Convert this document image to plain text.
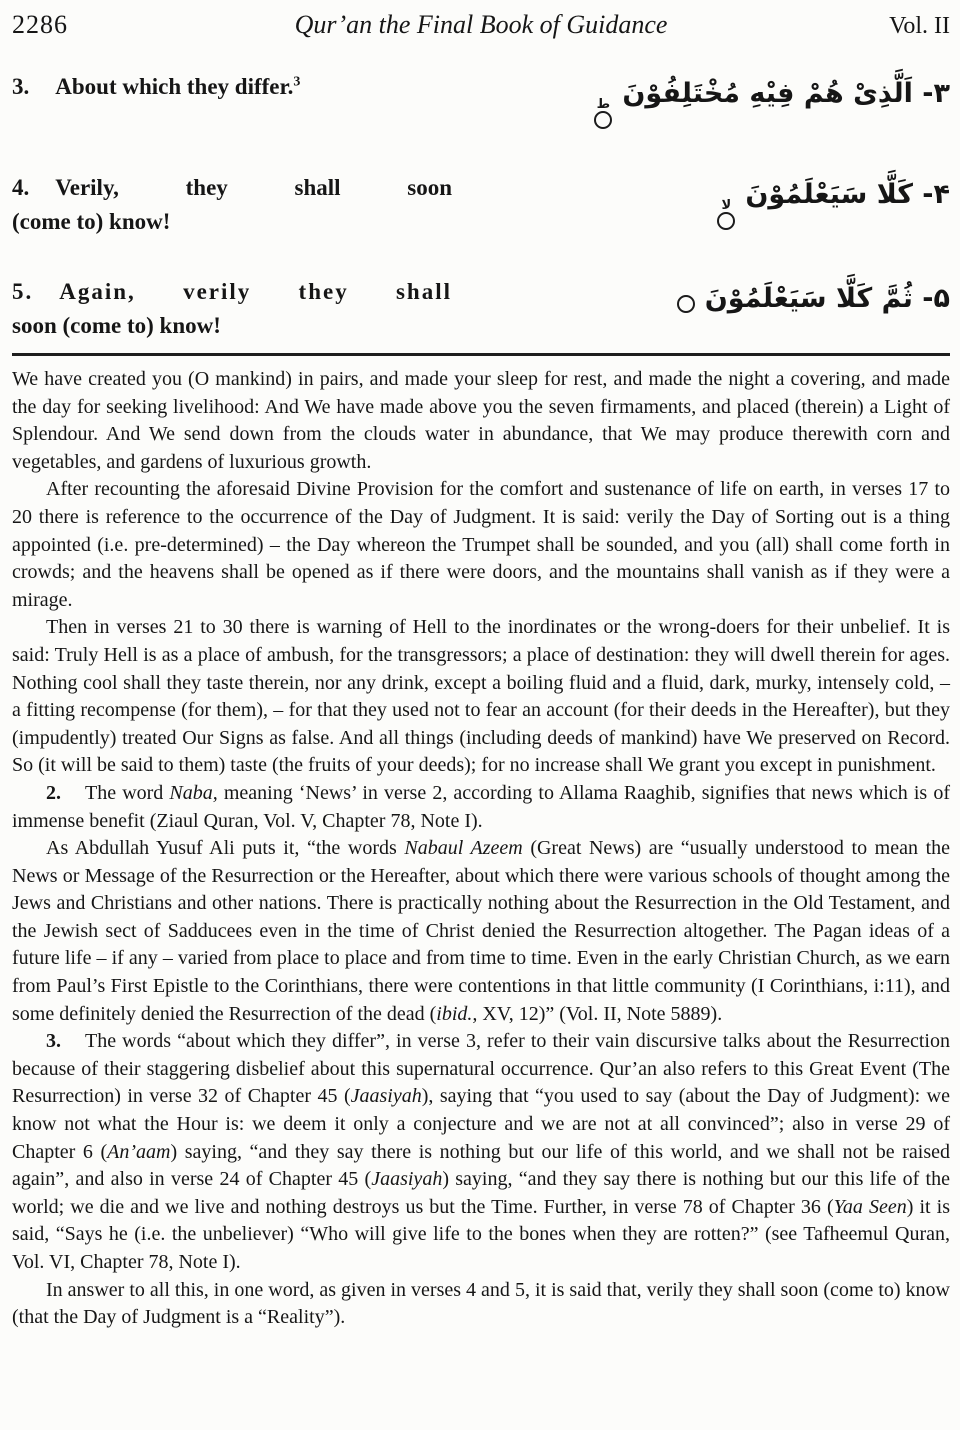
2286	Qur’an the Final Book of Guidance	Vol. II
3. About which they differ.$^3$	۳- اَلَّذِىْ هُمْ فِيْهِ مُخْتَلِفُوْنَ
ط
4. Verily, they shall soon
(come to) know!
۴- كَلَّا سَيَعْلَمُوْنَ
لا
5. Again, verily they shall
soon (come to) know!
۵- ثُمَّ كَلَّا سَيَعْلَمُوْنَ

We have created you (O mankind) in pairs, and made your sleep for rest, and made the night a covering, and made the day for seeking livelihood: And We have made above you the seven firmaments, and placed (therein) a Light of Splendour. And We send down from the clouds water in abundance, that We may produce therewith corn and vegetables, and gardens of luxurious growth.

After recounting the aforesaid Divine Provision for the comfort and sustenance of life on earth, in verses 17 to 20 there is reference to the occurrence of the Day of Judgment. It is said: verily the Day of Sorting out is a thing appointed (i.e. pre-determined) – the Day whereon the Trumpet shall be sounded, and you (all) shall come forth in crowds; and the heavens shall be opened as if there were doors, and the mountains shall vanish as if they were a mirage.

Then in verses 21 to 30 there is warning of Hell to the inordinates or the wrong-doers for their unbelief. It is said: Truly Hell is as a place of ambush, for the transgressors; a place of destination: they will dwell therein for ages. Nothing cool shall they taste therein, nor any drink, except a boiling fluid and a fluid, dark, murky, intensely cold, – a fitting recompense (for them), – for that they used not to fear an account (for their deeds in the Hereafter), but they (impudently) treated Our Signs as false. And all things (including deeds of mankind) have We preserved on Record. So (it will be said to them) taste (the fruits of your deeds); for no increase shall We grant you except in punishment.

2. The word Naba, meaning ‘News’ in verse 2, according to Allama Raaghib, signifies that news which is of immense benefit (Ziaul Quran, Vol. V, Chapter 78, Note I).

As Abdullah Yusuf Ali puts it, “the words Nabaul Azeem (Great News) are “usually understood to mean the News or Message of the Resurrection or the Hereafter, about which there were various schools of thought among the Jews and Christians and other nations. There is practically nothing about the Resurrection in the Old Testament, and the Jewish sect of Sadducees even in the time of Christ denied the Resurrection altogether. The Pagan ideas of a future life – if any – varied from place to place and from time to time. Even in the early Christian Church, as we earn from Paul’s First Epistle to the Corinthians, there were contentions in that little community (I Corinthians, i:11), and some definitely denied the Resurrection of the dead (ibid., XV, 12)” (Vol. II, Note 5889).

3. The words “about which they differ”, in verse 3, refer to their vain discursive talks about the Resurrection because of their staggering disbelief about this supernatural occurrence. Qur’an also refers to this Great Event (The Resurrection) in verse 32 of Chapter 45 (Jaasiyah), saying that “you used to say (about the Day of Judgment): we know not what the Hour is: we deem it only a conjecture and we are not at all convinced”; also in verse 29 of Chapter 6 (An’aam) saying, “and they say there is nothing but our life of this world, and we shall not be raised again”, and also in verse 24 of Chapter 45 (Jaasiyah) saying, “and they say there is nothing but our this life of the world; we die and we live and nothing destroys us but the Time. Further, in verse 78 of Chapter 36 (Yaa Seen) it is said, “Says he (i.e. the unbeliever) “Who will give life to the bones when they are rotten?” (see Tafheemul Quran, Vol. VI, Chapter 78, Note I).

In answer to all this, in one word, as given in verses 4 and 5, it is said that, verily they shall soon (come to) know (that the Day of Judgment is a “Reality”).
